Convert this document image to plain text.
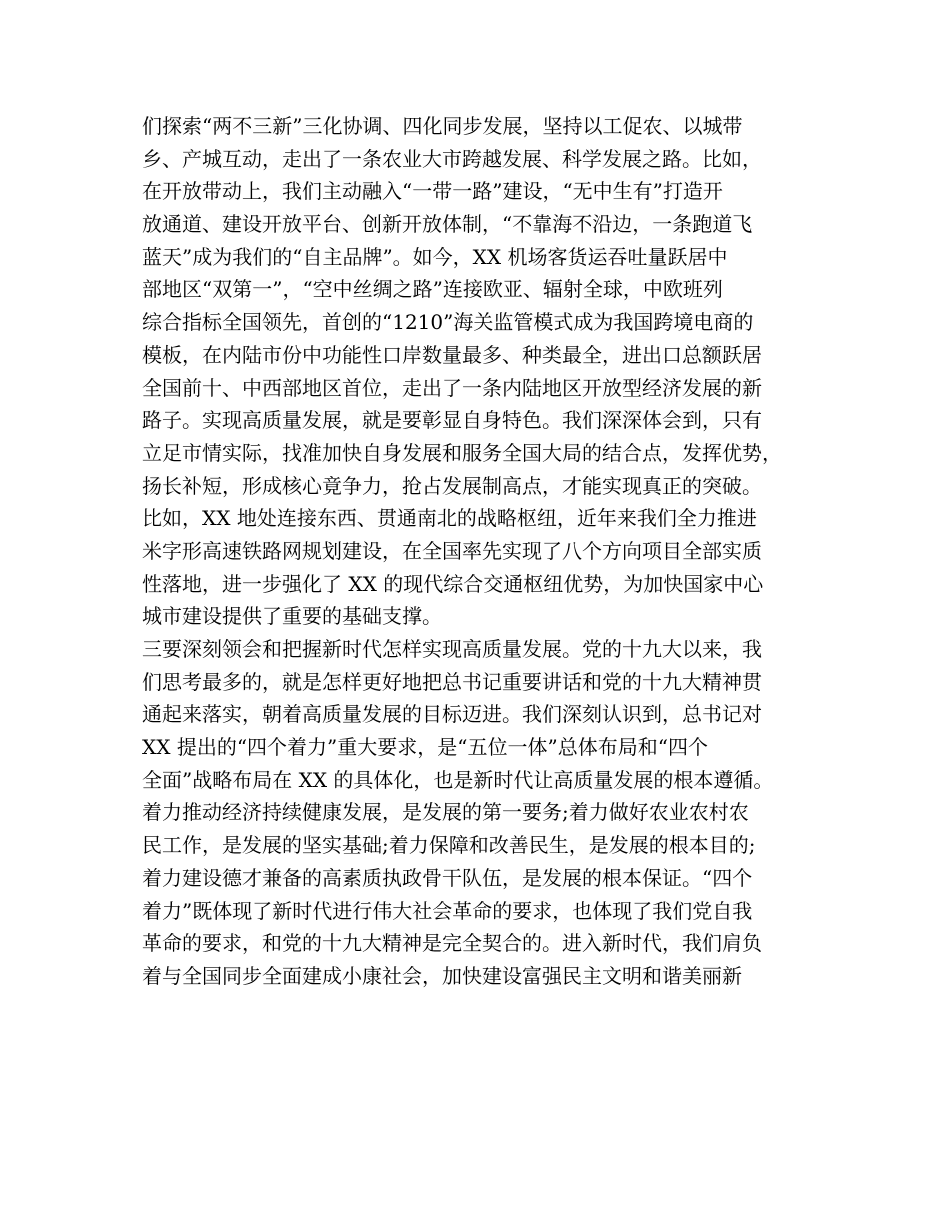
们探索“两不三新”三化协调、四化同步发展，坚持以工促农、以城带
乡、产城互动，走出了一条农业大市跨越发展、科学发展之路。比如，
在开放带动上，我们主动融入“一带一路”建设，“无中生有”打造开
放通道、建设开放平台、创新开放体制，“不靠海不沿边，一条跑道飞
蓝天”成为我们的“自主品牌”。如今，XX 机场客货运吞吐量跃居中
部地区“双第一”，“空中丝绸之路”连接欧亚、辐射全球，中欧班列
综合指标全国领先，首创的“1210”海关监管模式成为我国跨境电商的
模板，在内陆市份中功能性口岸数量最多、种类最全，进出口总额跃居
全国前十、中西部地区首位，走出了一条内陆地区开放型经济发展的新
路子。实现高质量发展，就是要彰显自身特色。我们深深体会到，只有
立足市情实际，找准加快自身发展和服务全国大局的结合点，发挥优势，
扬长补短，形成核心竟争力，抢占发展制高点，才能实现真正的突破。
比如，XX 地处连接东西、贯通南北的战略枢纽，近年来我们全力推进
米字形高速铁路网规划建设，在全国率先实现了八个方向项目全部实质
性落地，进一步强化了 XX 的现代综合交通枢纽优势，为加快国家中心
城市建设提供了重要的基础支撑。
三要深刻领会和把握新时代怎样实现高质量发展。党的十九大以来，我
们思考最多的，就是怎样更好地把总书记重要讲话和党的十九大精神贯
通起来落实，朝着高质量发展的目标迈进。我们深刻认识到，总书记对
XX 提出的“四个着力”重大要求，是“五位一体”总体布局和“四个
全面”战略布局在 XX 的具体化，也是新时代让高质量发展的根本遵循。
着力推动经济持续健康发展，是发展的第一要务;着力做好农业农村农
民工作，是发展的坚实基础;着力保障和改善民生，是发展的根本目的;
着力建设德才兼备的高素质执政骨干队伍，是发展的根本保证。“四个
着力”既体现了新时代进行伟大社会革命的要求，也体现了我们党自我
革命的要求，和党的十九大精神是完全契合的。进入新时代，我们肩负
着与全国同步全面建成小康社会，加快建设富强民主文明和谐美丽新
